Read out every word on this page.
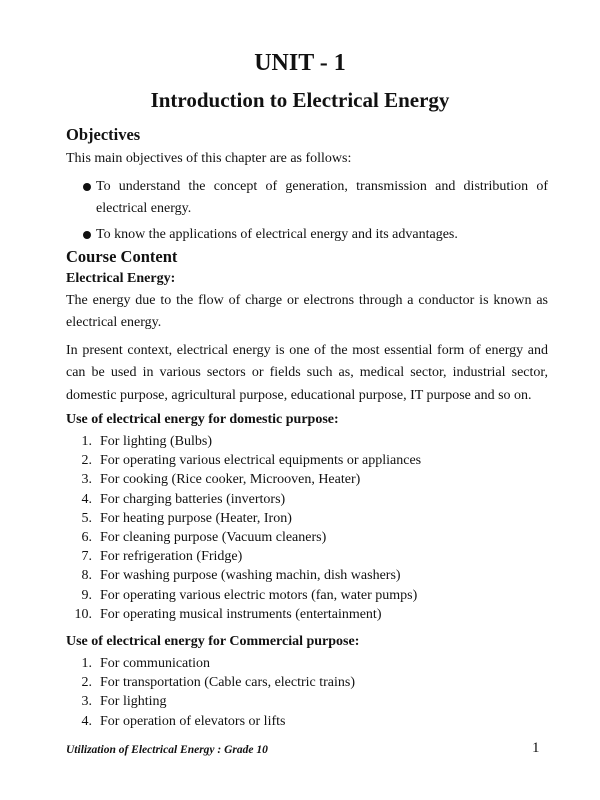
UNIT - 1
Introduction to Electrical Energy
Objectives
This main objectives of this chapter are as follows:
To understand the concept of generation, transmission and distribution of electrical energy.
To know the applications of electrical energy and its advantages.
Course Content
Electrical Energy:
The energy due to the flow of charge or electrons through a conductor is known as electrical energy.
In present context, electrical energy is one of the most essential form of energy and can be used in various sectors or fields such as, medical sector, industrial sector, domestic purpose, agricultural purpose, educational purpose, IT purpose and so on.
Use of electrical energy for domestic purpose:
1. For lighting (Bulbs)
2. For operating various electrical equipments or appliances
3. For cooking (Rice cooker, Microoven, Heater)
4. For charging batteries (invertors)
5. For heating purpose (Heater, Iron)
6. For cleaning purpose (Vacuum cleaners)
7. For refrigeration (Fridge)
8. For washing purpose (washing machin, dish washers)
9. For operating various electric motors (fan, water pumps)
10. For operating musical instruments (entertainment)
Use of electrical energy for Commercial purpose:
1. For communication
2. For transportation (Cable cars, electric trains)
3. For lighting
4. For operation of elevators or lifts
Utilization of Electrical Energy : Grade 10	1
